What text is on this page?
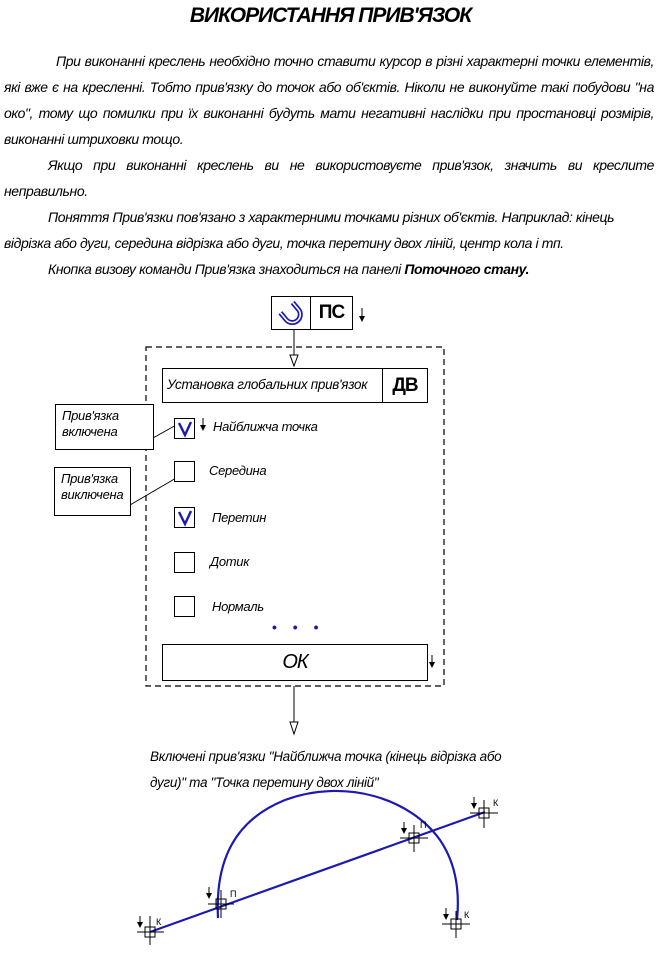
ВИКОРИСТАННЯ ПРИВ'ЯЗОК

При виконанні креслень необхідно точно ставити курсор в різні характерні точки елементів, які вже є на кресленні. Тобто прив'язку до точок або об'єктів. Ніколи не виконуйте такі побудови "на око", тому що помилки при їх виконанні будуть мати негативні наслідки при простановці розмірів, виконанні штриховки тощо.

Якщо при виконанні креслень ви не використовуєте прив'язок, значить ви креслите неправильно.

Поняття Прив'язки пов'язано з характерними точками різних об'єктів. Наприклад: кінець відрізка або дуги, середина відрізка або дуги, точка перетину двох ліній, центр кола і тп.

Кнопка визову команди Прив'язка знаходиться на панелі Поточного стану.

ПС
Установка глобальних прив'язок	ДВ
Найближча точка
Середина
Перетин
Дотик
Нормаль
• • •
ОК
Прив'язка включена
Прив'язка виключена
Включені прив'язки "Найближча точка (кінець відрізка або дуги)" та "Точка перетину двох ліній"
К
П
П
К
К
